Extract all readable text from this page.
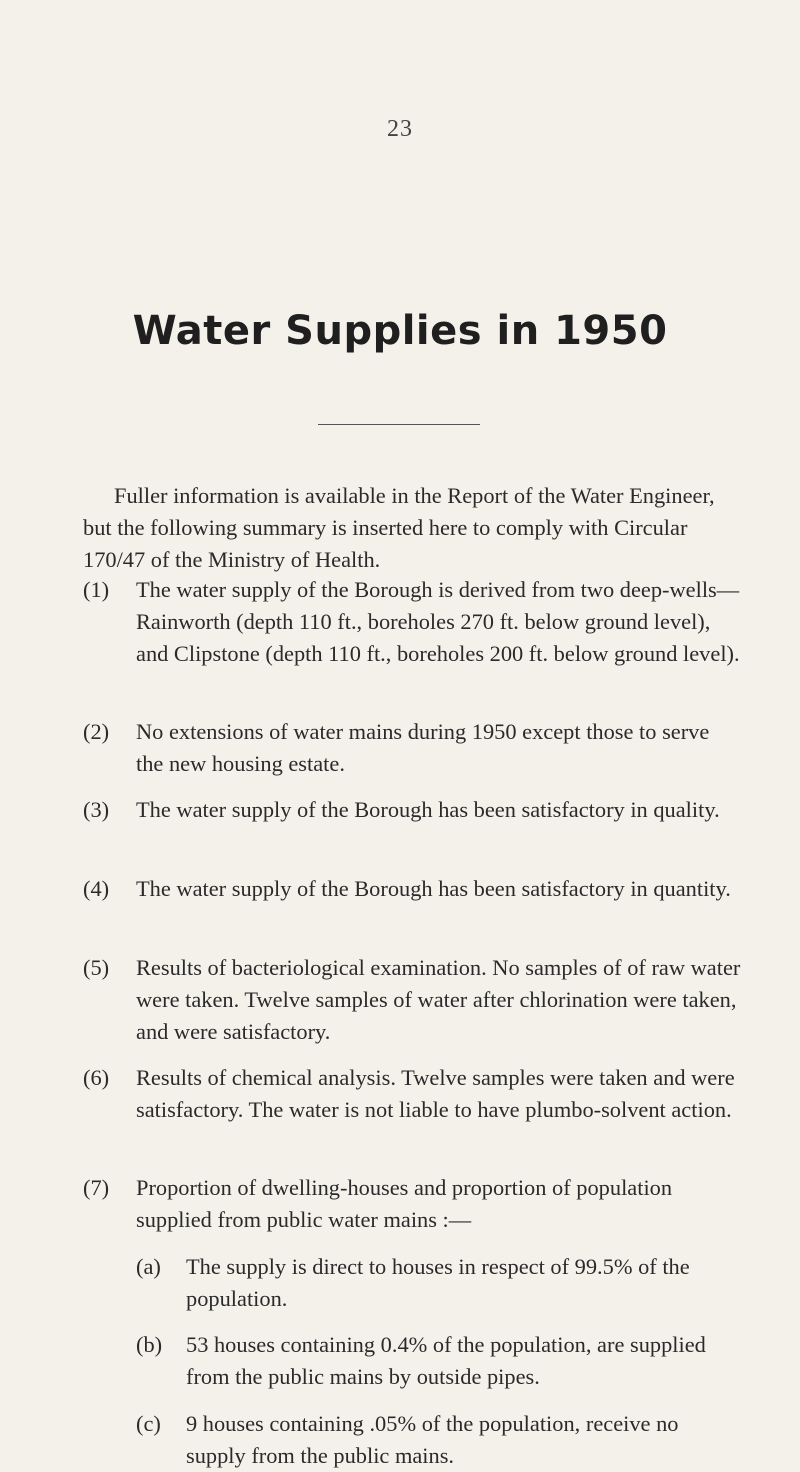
23
Water Supplies in 1950
Fuller information is available in the Report of the Water Engineer, but the following summary is inserted here to comply with Circular 170/47 of the Ministry of Health.
(1) The water supply of the Borough is derived from two deep-wells—Rainworth (depth 110 ft., boreholes 270 ft. below ground level), and Clipstone (depth 110 ft., boreholes 200 ft. below ground level).
(2) No extensions of water mains during 1950 except those to serve the new housing estate.
(3) The water supply of the Borough has been satisfactory in quality.
(4) The water supply of the Borough has been satisfactory in quantity.
(5) Results of bacteriological examination. No samples of of raw water were taken. Twelve samples of water after chlorination were taken, and were satisfactory.
(6) Results of chemical analysis. Twelve samples were taken and were satisfactory. The water is not liable to have plumbo-solvent action.
(7) Proportion of dwelling-houses and proportion of population supplied from public water mains :—
(a) The supply is direct to houses in respect of 99.5% of the population.
(b) 53 houses containing 0.4% of the population, are supplied from the public mains by outside pipes.
(c) 9 houses containing .05% of the population, receive no supply from the public mains.
